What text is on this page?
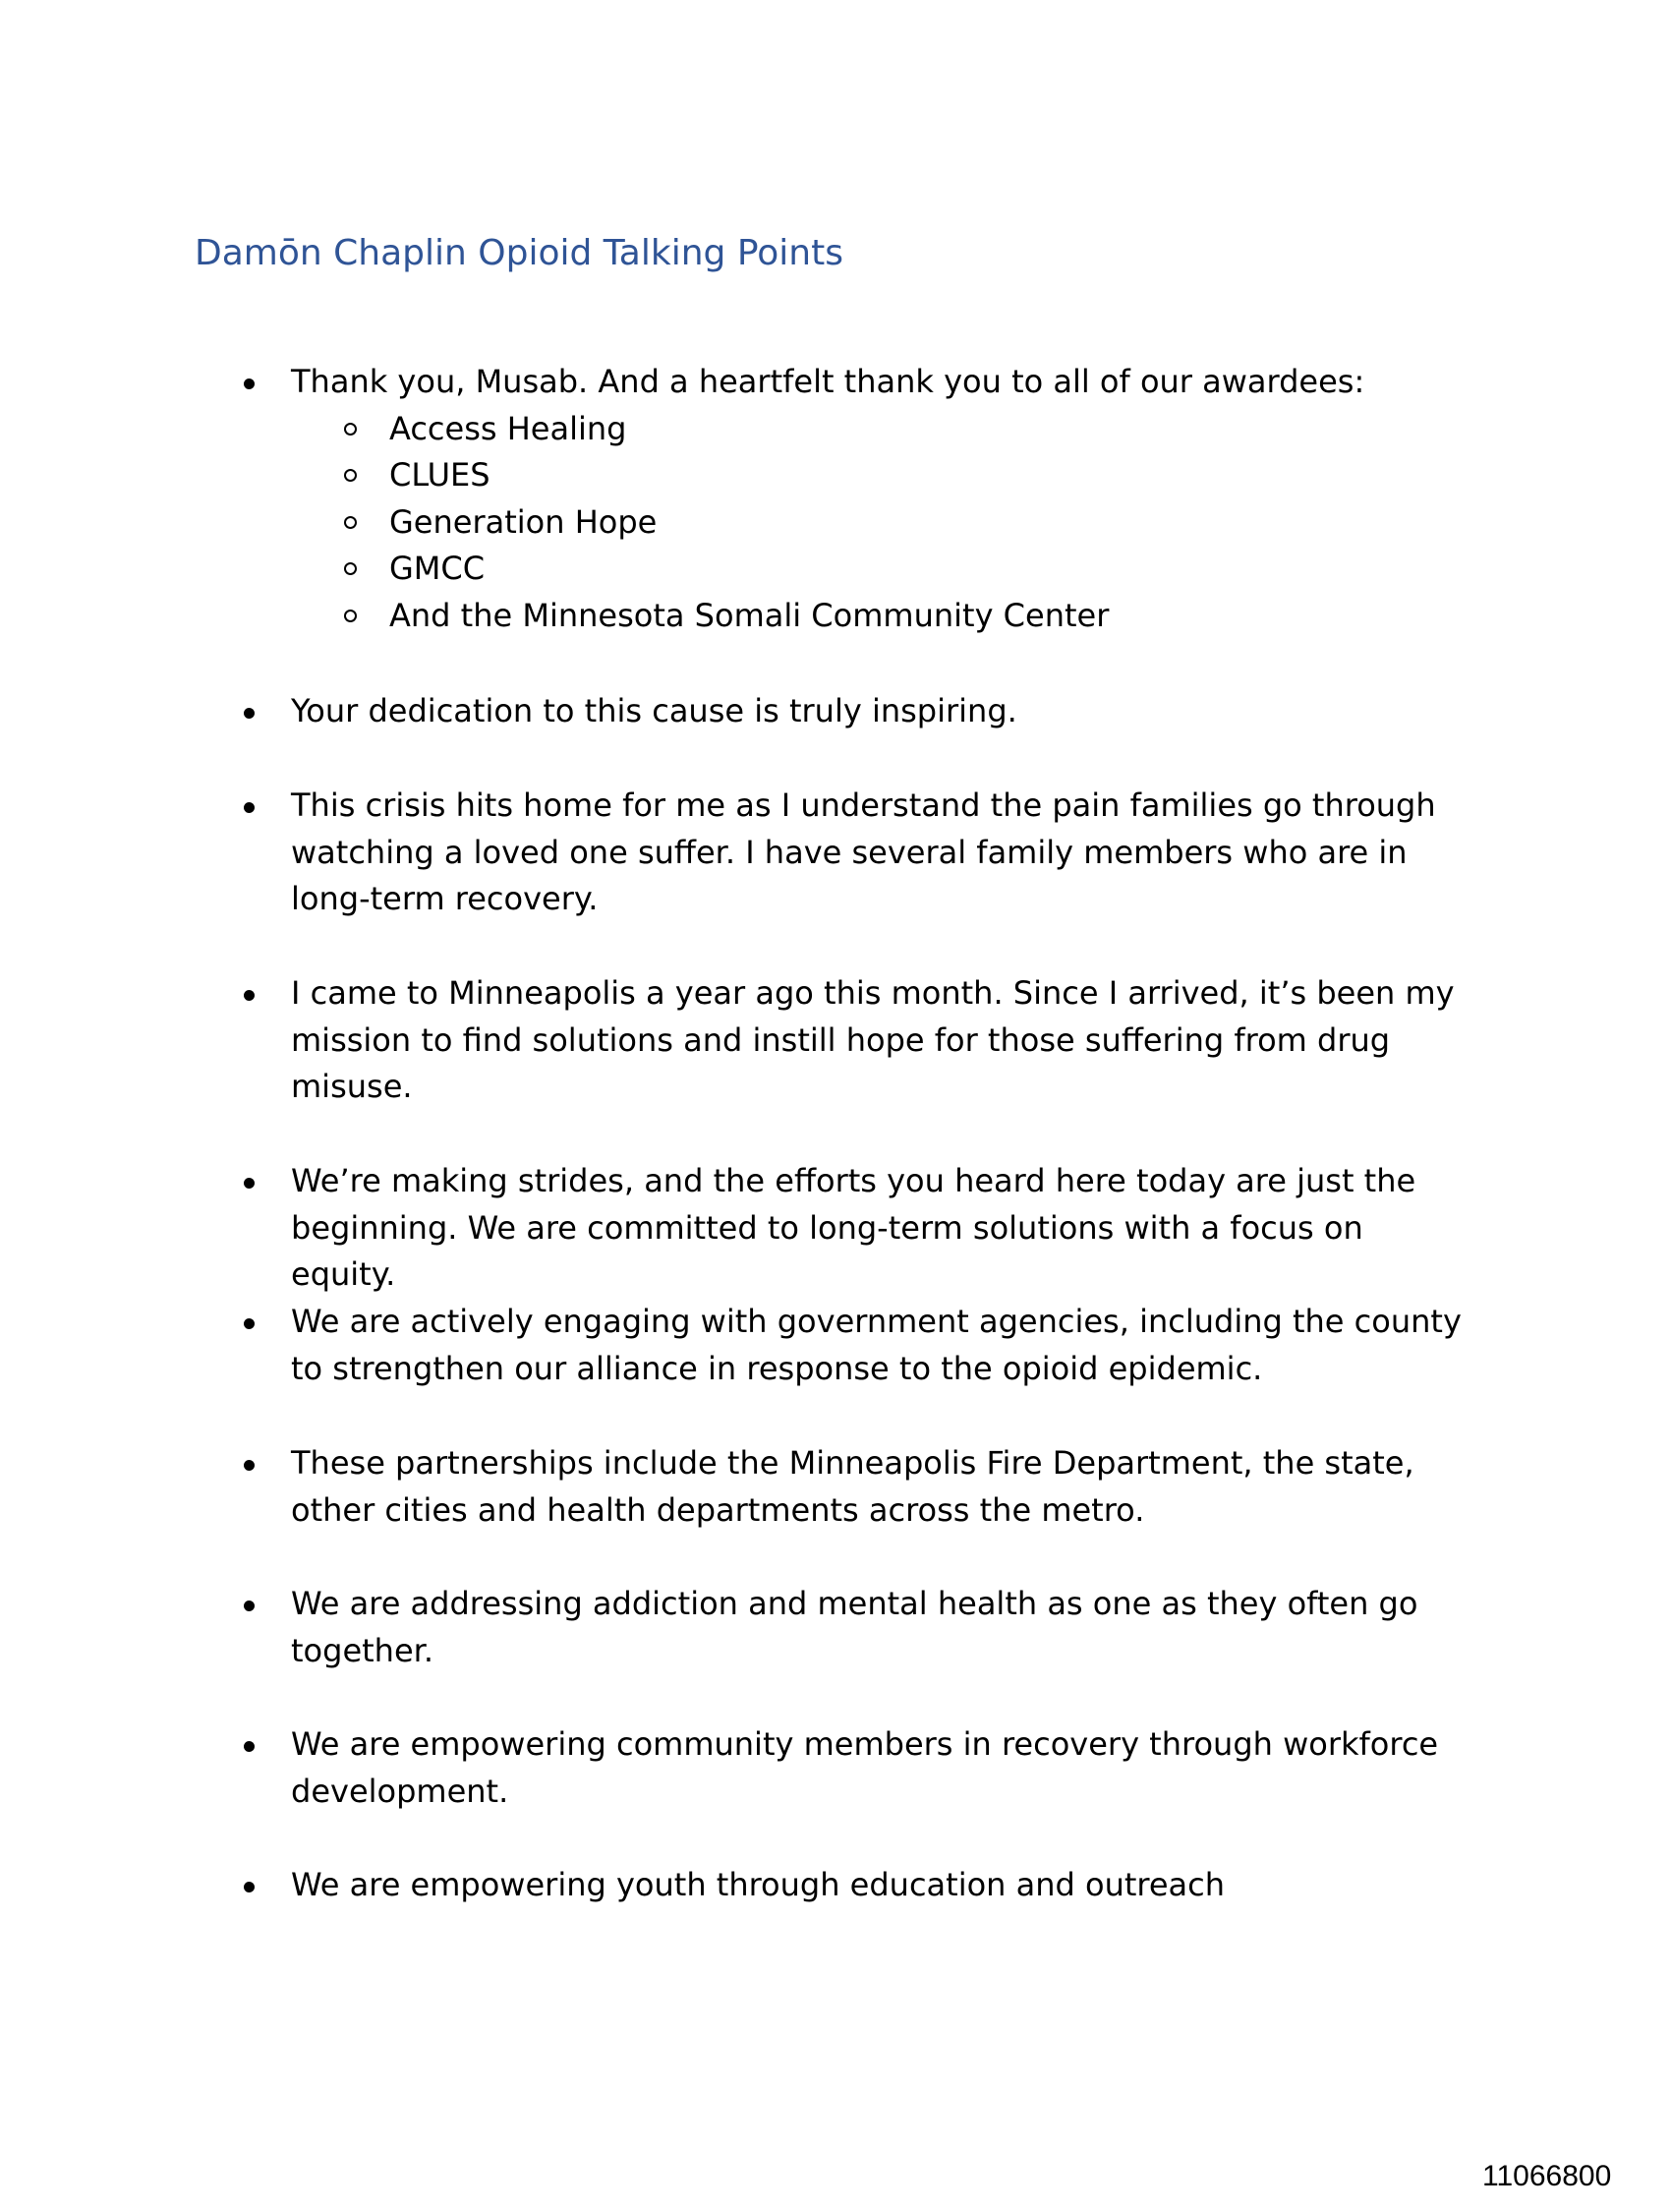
Damōn Chaplin Opioid Talking Points
Thank you, Musab. And a heartfelt thank you to all of our awardees:
Access Healing
CLUES
Generation Hope
GMCC
And the Minnesota Somali Community Center
Your dedication to this cause is truly inspiring.
This crisis hits home for me as I understand the pain families go through watching a loved one suffer. I have several family members who are in long-term recovery.
I came to Minneapolis a year ago this month. Since I arrived, it’s been my mission to find solutions and instill hope for those suffering from drug misuse.
We’re making strides, and the efforts you heard here today are just the beginning. We are committed to long-term solutions with a focus on equity.
We are actively engaging with government agencies, including the county to strengthen our alliance in response to the opioid epidemic.
These partnerships include the Minneapolis Fire Department, the state, other cities and health departments across the metro.
We are addressing addiction and mental health as one as they often go together.
We are empowering community members in recovery through workforce development.
We are empowering youth through education and outreach
11066800
